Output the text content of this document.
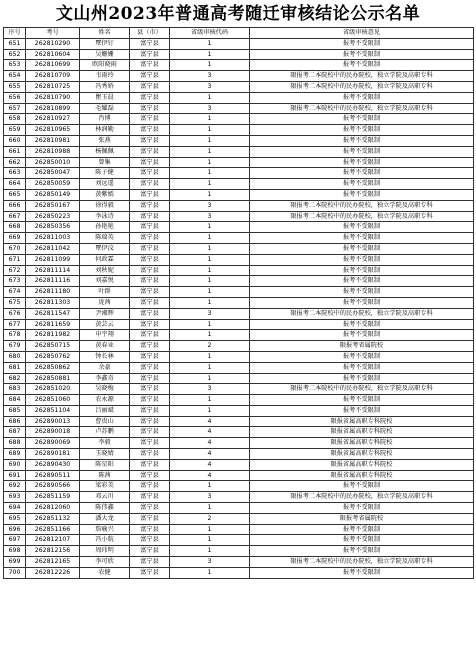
文山州2023年普通高考随迁审核结论公示名单
序号	考号	姓名	县（市）	省级审核代码	省级审核意见
651	262810290	覃伊钉	富宁县	1	报考不受限制
652	262810604	吴姗姗	富宁县	1	报考不受限制
653	262810699	欧阳晓雨	富宁县	1	报考不受限制
654	262810709	韦雨玲	富宁县	3	限报考二本院校中的民办院校，独立学院及高职专科
655	262810725	冯秀娇	富宁县	3	限报考二本院校中的民办院校，独立学院及高职专科
656	262810790	瞿玉晨	富宁县	1	报考不受限制
657	262810899	毛耀磊	富宁县	3	限报考二本院校中的民办院校，独立学院及高职专科
658	262810927	肖博	富宁县	1	报考不受限制
659	262810965	林润勤	富宁县	1	报考不受限制
660	262810981	张燕	富宁县	1	报考不受限制
661	262810988	杨佩佩	富宁县	1	报考不受限制
662	262850010	曾集	富宁县	1	报考不受限制
663	262850047	陈子健	富宁县	1	报考不受限制
664	262850059	刘远遥	富宁县	1	报考不受限制
665	262850149	黄紫嫣	富宁县	1	报考不受限制
666	262850167	徐得毅	富宁县	3	限报考二本院校中的民办院校，独立学院及高职专科
667	262850223	李泳诗	富宁县	3	限报考二本院校中的民办院校，独立学院及高职专科
668	262850356	孙艳艳	富宁县	1	报考不受限制
669	262811003	陈瑞英	富宁县	1	报考不受限制
670	262811042	覃伊汶	富宁县	1	报考不受限制
671	262811099	何政霖	富宁县	1	报考不受限制
672	262811114	刘秋妮	富宁县	1	报考不受限制
673	262811116	刘嘉悦	富宁县	1	报考不受限制
674	262811180	叶群	富宁县	1	报考不受限制
675	262811303	庞茜	富宁县	1	报考不受限制
676	262811547	尹湘辉	富宁县	3	限报考二本院校中的民办院校，独立学院及高职专科
677	262811659	黄芸云	富宁县	1	报考不受限制
678	262811982	申宇翔	富宁县	1	报考不受限制
679	262850715	黄春业	富宁县	2	限报考省属院校
680	262850762	钟长林	富宁县	1	报考不受限制
681	262850862	余豪	富宁县	1	报考不受限制
682	262850881	李鑫奇	富宁县	1	报考不受限制
683	262851020	吴晓梅	富宁县	3	限报考二本院校中的民办院校，独立学院及高职专科
684	262851060	农永源	富宁县	1	报考不受限制
685	262851104	吕丽斌	富宁县	1	报考不受限制
686	262890013	曹贵山	富宁县	4	限报省属高职专科院校
687	262890018	卢苏鹏	富宁县	4	限报省属高职专科院校
688	262890069	李毅	富宁县	4	限报省属高职专科院校
689	262890181	玉晓婧	富宁县	4	限报省属高职专科院校
690	262890430	陈星阳	富宁县	4	限报省属高职专科院校
691	262890511	陈茜	富宁县	4	限报省属高职专科院校
692	262890566	梁彩美	富宁县	1	报考不受限制
693	262851159	邓云川	富宁县	3	限报考二本院校中的民办院校，独立学院及高职专科
694	262812060	陈伟鑫	富宁县	1	报考不受限制
695	262851132	潘大龙	富宁县	2	限报考省属院校
696	262851166	詹喻兴	富宁县	1	报考不受限制
697	262812107	冯小航	富宁县	1	报考不受限制
698	262812156	周玮明	富宁县	1	报考不受限制
699	262812165	李可欣	富宁县	3	限报考二本院校中的民办院校，独立学院及高职专科
700	262812226	农健	富宁县	1	报考不受限制
